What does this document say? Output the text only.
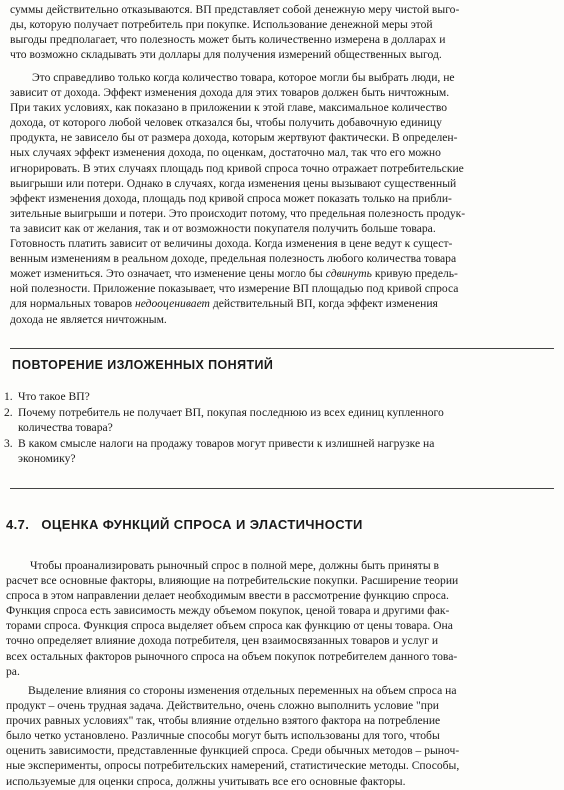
суммы действительно отказываются. ВП представляет собой денежную меру чистой выго-
ды, которую получает потребитель при покупке. Использование денежной меры этой
выгоды предполагает, что полезность может быть количественно измерена в долларах и
что возможно складывать эти доллары для получения измерений общественных выгод.
Это справедливо только когда количество товара, которое могли бы выбрать люди, не
зависит от дохода. Эффект изменения дохода для этих товаров должен быть ничтожным.
При таких условиях, как показано в приложении к этой главе, максимальное количество
дохода, от которого любой человек отказался бы, чтобы получить добавочную единицу
продукта, не зависело бы от размера дохода, которым жертвуют фактически. В определен-
ных случаях эффект изменения дохода, по оценкам, достаточно мал, так что его можно
игнорировать. В этих случаях площадь под кривой спроса точно отражает потребительские
выигрыши или потери. Однако в случаях, когда изменения цены вызывают существенный
эффект изменения дохода, площадь под кривой спроса может показать только на прибли-
зительные выигрыши и потери. Это происходит потому, что предельная полезность продук-
та зависит как от желания, так и от возможности покупателя получить больше товара.
Готовность платить зависит от величины дохода. Когда изменения в цене ведут к сущест-
венным изменениям в реальном доходе, предельная полезность любого количества товара
может измениться. Это означает, что изменение цены могло бы сдвинуть кривую предель-
ной полезности. Приложение показывает, что измерение ВП площадью под кривой спроса
для нормальных товаров недооценивает действительный ВП, когда эффект изменения
дохода не является ничтожным.
ПОВТОРЕНИЕ ИЗЛОЖЕННЫХ ПОНЯТИЙ
1. Что такое ВП?
2. Почему потребитель не получает ВП, покупая последнюю из всех единиц купленного
количества товара?
3. В каком смысле налоги на продажу товаров могут привести к излишней нагрузке на
экономику?
4.7. ОЦЕНКА ФУНКЦИЙ СПРОСА И ЭЛАСТИЧНОСТИ
Чтобы проанализировать рыночный спрос в полной мере, должны быть приняты в
расчет все основные факторы, влияющие на потребительские покупки. Расширение теории
спроса в этом направлении делает необходимым ввести в рассмотрение функцию спроса.
Функция спроса есть зависимость между объемом покупок, ценой товара и другими фак-
торами спроса. Функция спроса выделяет объем спроса как функцию от цены товара. Она
точно определяет влияние дохода потребителя, цен взаимосвязанных товаров и услуг и
всех остальных факторов рыночного спроса на объем покупок потребителем данного това-
ра.
Выделение влияния со стороны изменения отдельных переменных на объем спроса на
продукт – очень трудная задача. Действительно, очень сложно выполнить условие "при
прочих равных условиях" так, чтобы влияние отдельно взятого фактора на потребление
было четко установлено. Различные способы могут быть использованы для того, чтобы
оценить зависимости, представленные функцией спроса. Среди обычных методов – рыноч-
ные эксперименты, опросы потребительских намерений, статистические методы. Способы,
используемые для оценки спроса, должны учитывать все его основные факторы.
